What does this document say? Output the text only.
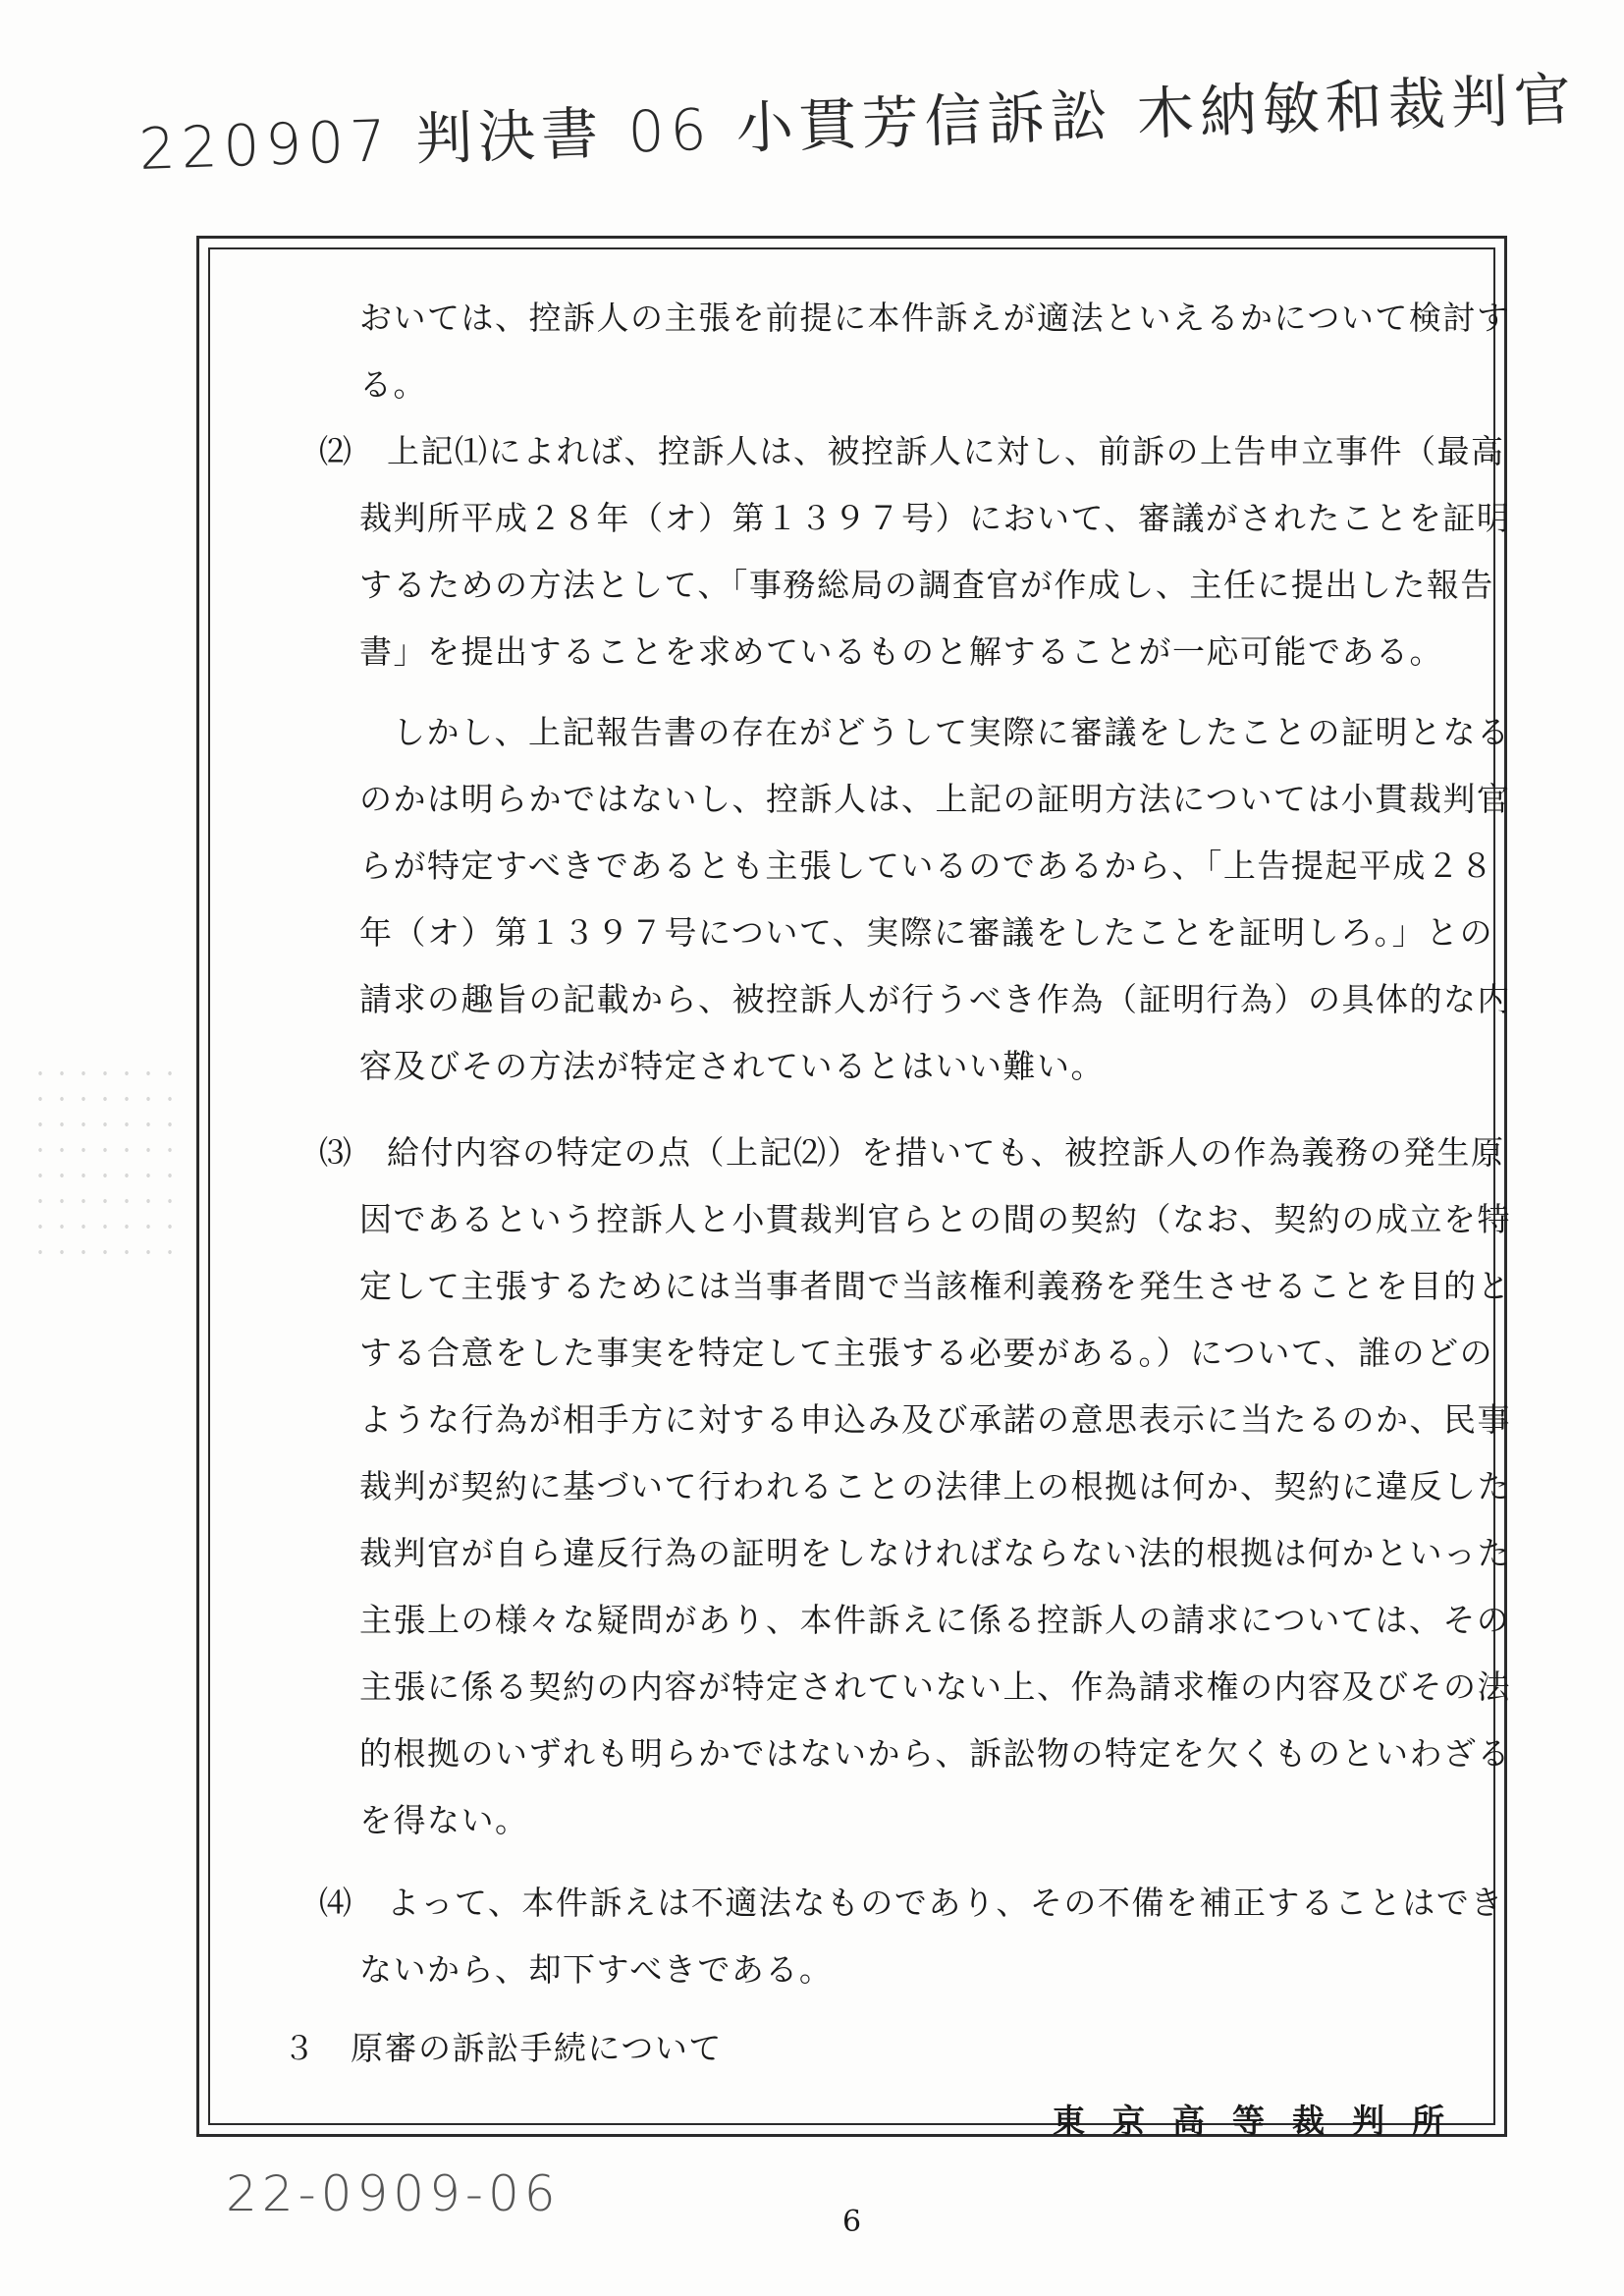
220907 判決書 06 小貫芳信訴訟 木納敏和裁判官
おいては、控訴人の主張を前提に本件訴えが適法といえるかについて検討す
る。
⑵　上記⑴によれば、控訴人は、被控訴人に対し、前訴の上告申立事件（最高
裁判所平成２８年（オ）第１３９７号）において、審議がされたことを証明
するための方法として、「事務総局の調査官が作成し、主任に提出した報告
書」を提出することを求めているものと解することが一応可能である。
しかし、上記報告書の存在がどうして実際に審議をしたことの証明となる
のかは明らかではないし、控訴人は、上記の証明方法については小貫裁判官
らが特定すべきであるとも主張しているのであるから、「上告提起平成２８
年（オ）第１３９７号について、実際に審議をしたことを証明しろ。」との
請求の趣旨の記載から、被控訴人が行うべき作為（証明行為）の具体的な内
容及びその方法が特定されているとはいい難い。
⑶　給付内容の特定の点（上記⑵）を措いても、被控訴人の作為義務の発生原
因であるという控訴人と小貫裁判官らとの間の契約（なお、契約の成立を特
定して主張するためには当事者間で当該権利義務を発生させることを目的と
する合意をした事実を特定して主張する必要がある。）について、誰のどの
ような行為が相手方に対する申込み及び承諾の意思表示に当たるのか、民事
裁判が契約に基づいて行われることの法律上の根拠は何か、契約に違反した
裁判官が自ら違反行為の証明をしなければならない法的根拠は何かといった
主張上の様々な疑問があり、本件訴えに係る控訴人の請求については、その
主張に係る契約の内容が特定されていない上、作為請求権の内容及びその法
的根拠のいずれも明らかではないから、訴訟物の特定を欠くものといわざる
を得ない。
⑷　よって、本件訴えは不適法なものであり、その不備を補正することはでき
ないから、却下すべきである。
３　原審の訴訟手続について
東京高等裁判所
22-0909-06	6
